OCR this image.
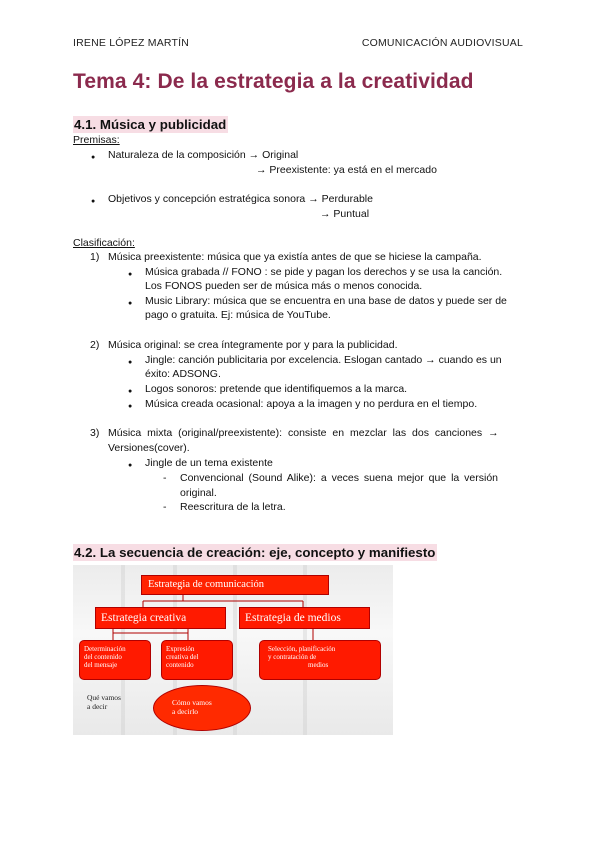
IRENE LÓPEZ MARTÍN	COMUNICACIÓN AUDIOVISUAL
Tema 4: De la estrategia a la creatividad
4.1. Música y publicidad
Premisas:
● Naturaleza de la composición → Original
→ Preexistente: ya está en el mercado
● Objetivos y concepción estratégica sonora → Perdurable
→ Puntual
Clasificación:
1) Música preexistente: música que ya existía antes de que se hiciese la campaña.
● Música grabada // FONO : se pide y pagan los derechos y se usa la canción.
Los FONOS pueden ser de música más o menos conocida.
● Music Library: música que se encuentra en una base de datos y puede ser de
pago o gratuita. Ej: música de YouTube.
2) Música original: se crea íntegramente por y para la publicidad.
● Jingle: canción publicitaria por excelencia. Eslogan cantado → cuando es un
éxito: ADSONG.
● Logos sonoros: pretende que identifiquemos a la marca.
● Música creada ocasional: apoya a la imagen y no perdura en el tiempo.
3) Música mixta (original/preexistente): consiste en mezclar las dos canciones →
Versiones(cover).
● Jingle de un tema existente
- Convencional (Sound Alike): a veces suena mejor que la versión
original.
- Reescritura de la letra.
4.2. La secuencia de creación: eje, concepto y manifiesto
Estrategia de comunicación
Estrategia creativa	Estrategia de medios
Determinación
del contenido
del mensaje
Expresión
creativa del
contenido
Selección, planificación
y contratación de
medios
Qué vamos
a decir	Cómo vamos
a decirlo
